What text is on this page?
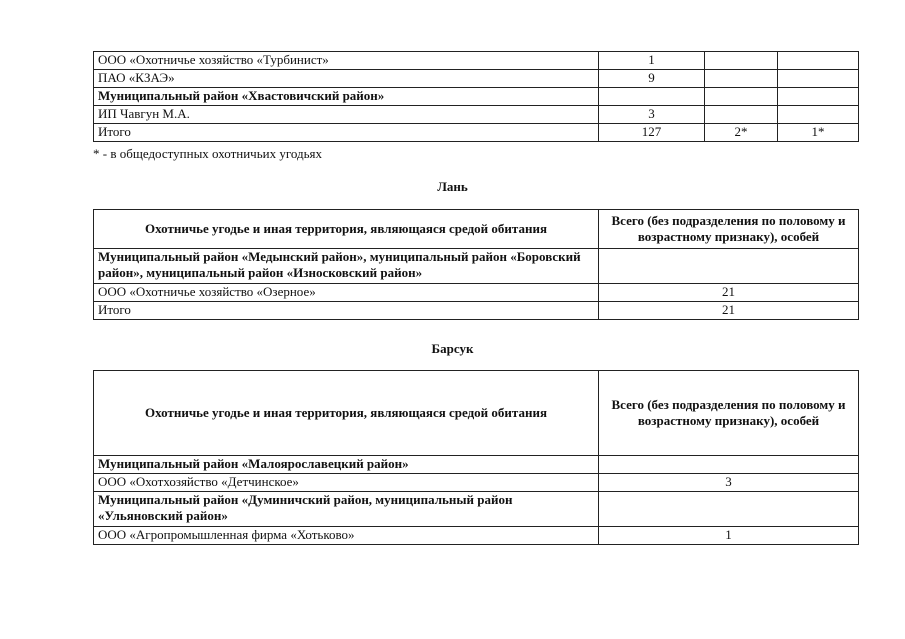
ООО «Охотничье хозяйство «Турбинист»	1		
ПАО «КЗАЭ»	9		
Муниципальный район «Хвастовичский район»			
ИП Чавгун М.А.	3		
Итого	127	2*	1*
* - в общедоступных охотничьих угодьях
Лань
Охотничье угодье и иная территория, являющаяся средой обитания	Всего (без подразделения по половому и возрастному признаку), особей
Муниципальный район «Медынский район», муниципальный район «Боровский район», муниципальный район «Износковский район»	
ООО «Охотничье хозяйство «Озерное»	21
Итого	21
Барсук
Охотничье угодье и иная территория, являющаяся средой обитания	Всего (без подразделения по половому и возрастному признаку), особей
Муниципальный район «Малоярославецкий район»	
ООО «Охотхозяйство «Детчинское»	3
Муниципальный район «Думиничский район, муниципальный район «Ульяновский район»	
ООО «Агропромышленная фирма «Хотьково»	1
